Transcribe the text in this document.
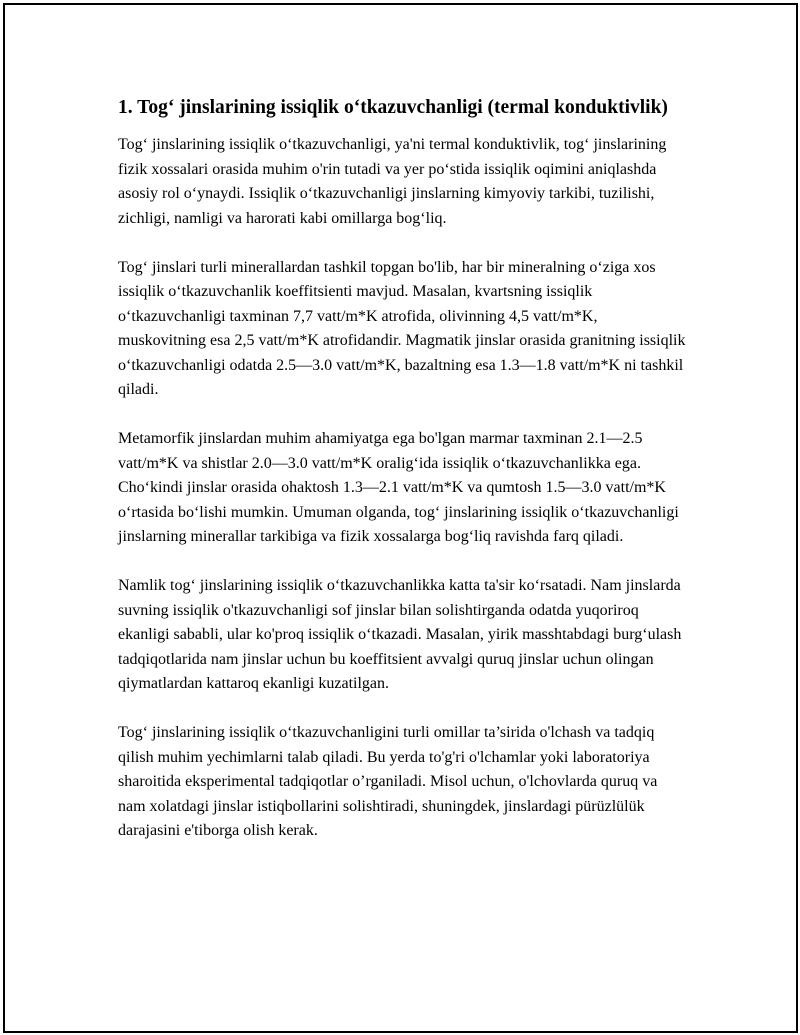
1. Tog‘ jinslarining issiqlik o‘tkazuvchanligi (termal konduktivlik)

Tog‘ jinslarining issiqlik o‘tkazuvchanligi, ya'ni termal konduktivlik, tog‘ jinslarining fizik xossalari orasida muhim o'rin tutadi va yer po‘stida issiqlik oqimini aniqlashda asosiy rol o‘ynaydi. Issiqlik o‘tkazuvchanligi jinslarning kimyoviy tarkibi, tuzilishi, zichligi, namligi va harorati kabi omillarga bog‘liq.

Tog‘ jinslari turli minerallardan tashkil topgan bo'lib, har bir mineralning o‘ziga xos issiqlik o‘tkazuvchanlik koeffitsienti mavjud. Masalan, kvartsning issiqlik o‘tkazuvchanligi taxminan 7,7 vatt/m*K atrofida, olivinning 4,5 vatt/m*K, muskovitning esa 2,5 vatt/m*K atrofidandir. Magmatik jinslar orasida granitning issiqlik o‘tkazuvchanligi odatda 2.5—3.0 vatt/m*K, bazaltning esa 1.3—1.8 vatt/m*K ni tashkil qiladi.

Metamorfik jinslardan muhim ahamiyatga ega bo'lgan marmar taxminan 2.1—2.5 vatt/m*K va shistlar 2.0—3.0 vatt/m*K oralig‘ida issiqlik o‘tkazuvchanlikka ega. Cho‘kindi jinslar orasida ohaktosh 1.3—2.1 vatt/m*K va qumtosh 1.5—3.0 vatt/m*K o‘rtasida bo‘lishi mumkin. Umuman olganda, tog‘ jinslarining issiqlik o‘tkazuvchanligi jinslarning minerallar tarkibiga va fizik xossalarga bog‘liq ravishda farq qiladi.

Namlik tog‘ jinslarining issiqlik o‘tkazuvchanlikka katta ta'sir ko‘rsatadi. Nam jinslarda suvning issiqlik o'tkazuvchanligi sof jinslar bilan solishtirganda odatda yuqoriroq ekanligi sababli, ular ko'proq issiqlik o‘tkazadi. Masalan, yirik masshtabdagi burg‘ulash tadqiqotlarida nam jinslar uchun bu koeffitsient avvalgi quruq jinslar uchun olingan qiymatlardan kattaroq ekanligi kuzatilgan.

Tog‘ jinslarining issiqlik o‘tkazuvchanligini turli omillar ta’sirida o'lchash va tadqiq qilish muhim yechimlarni talab qiladi. Bu yerda to'g'ri o'lchamlar yoki laboratoriya sharoitida eksperimental tadqiqotlar o’rganiladi. Misol uchun, o'lchovlarda quruq va nam xolatdagi jinslar istiqbollarini solishtiradi, shuningdek, jinslardagi pürüzlülük darajasini e'tiborga olish kerak.
